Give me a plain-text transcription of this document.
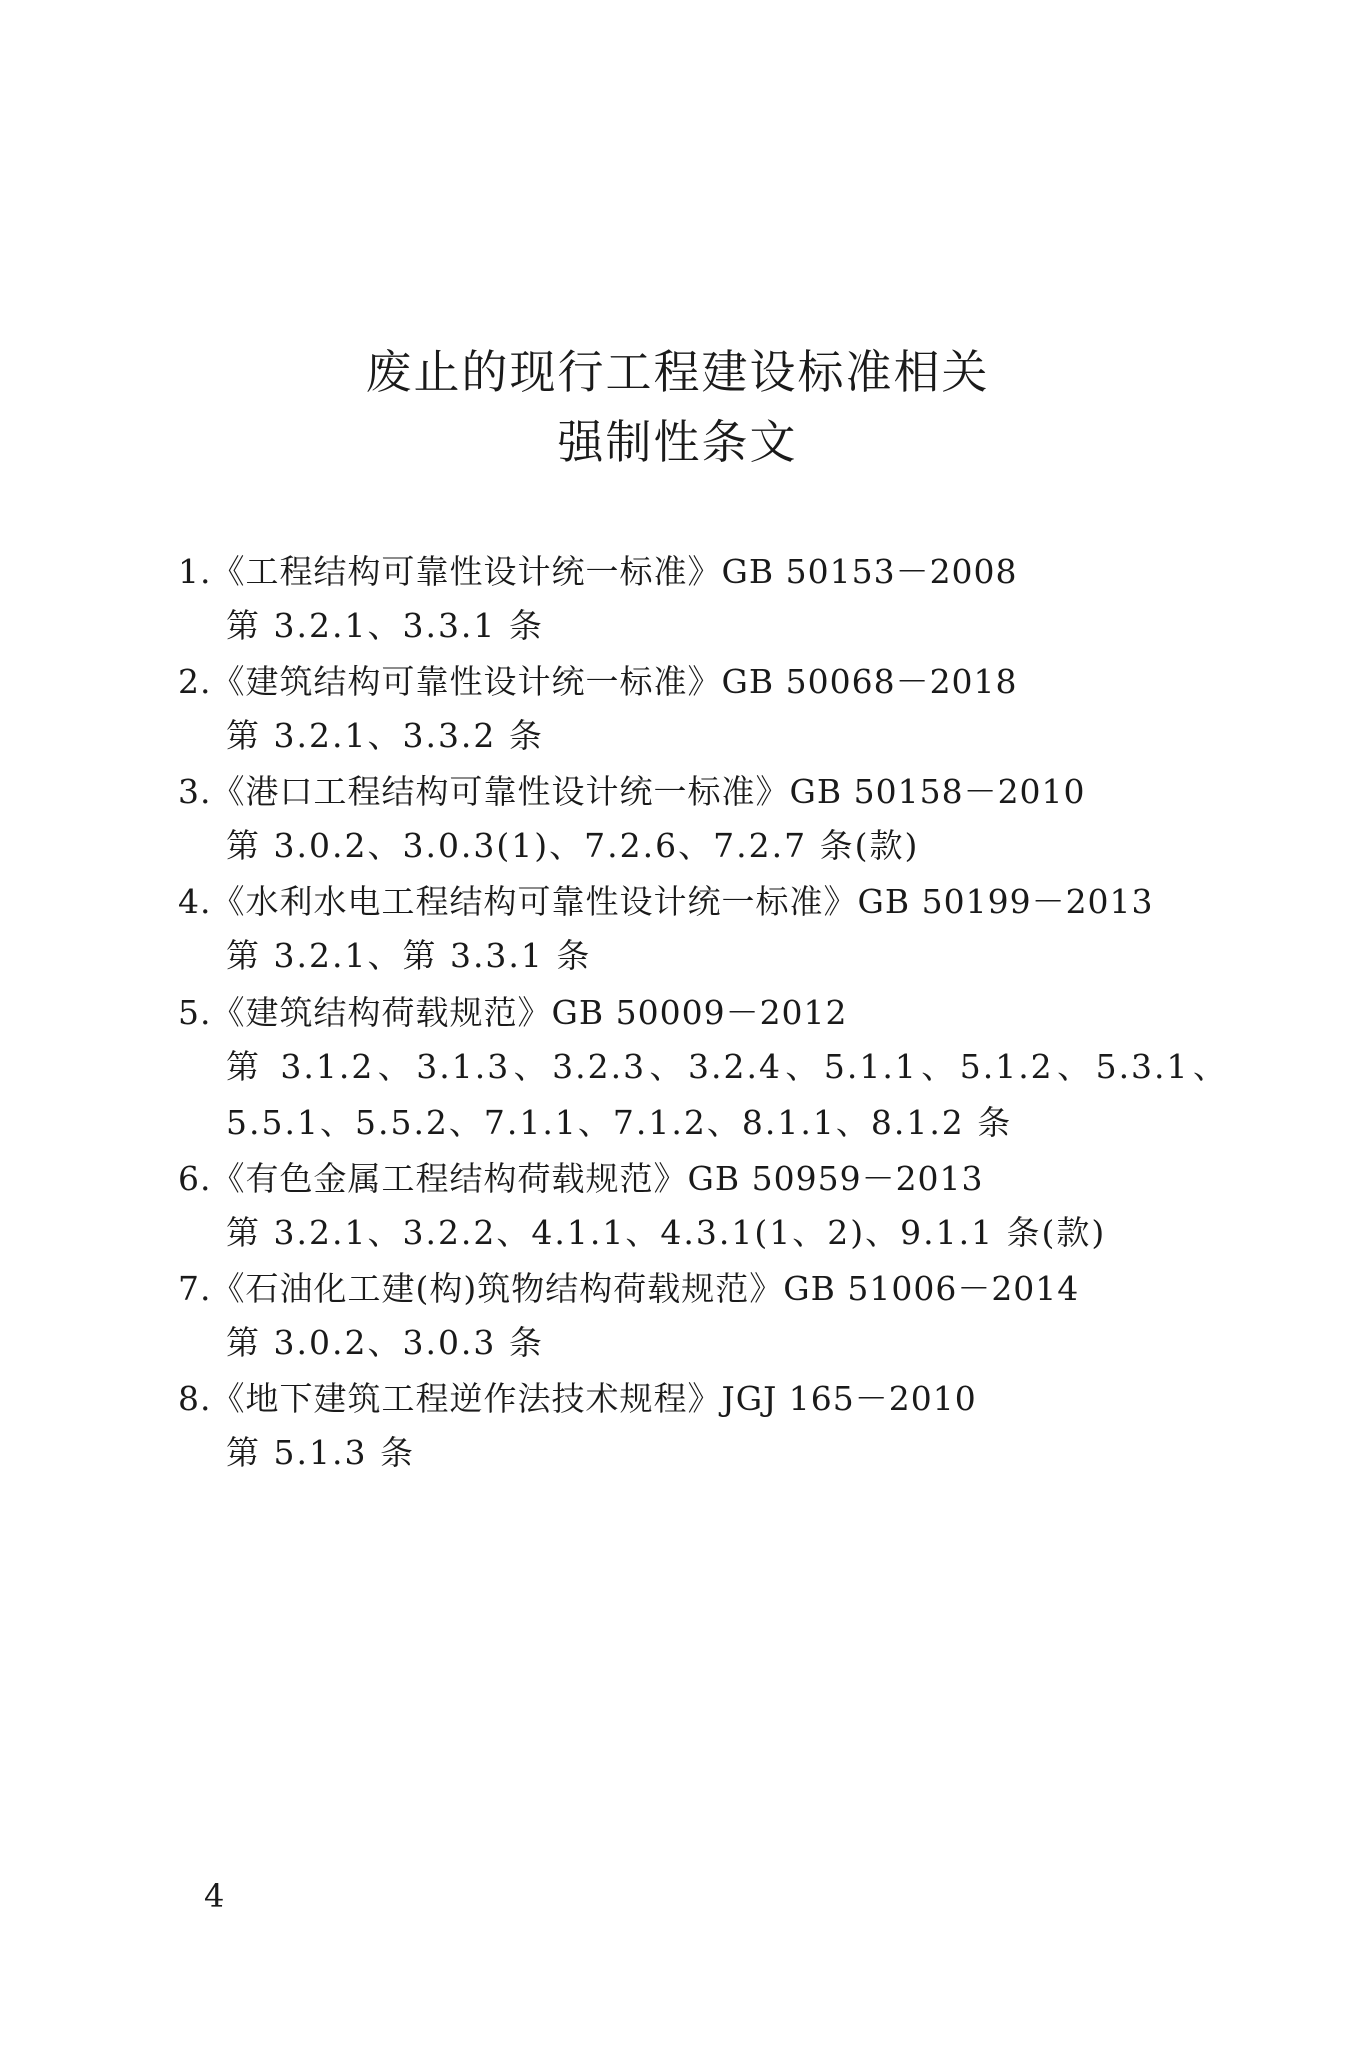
废止的现行工程建设标准相关
强制性条文
1.《工程结构可靠性设计统一标准》GB 50153－2008
第 3.2.1、3.3.1 条
2.《建筑结构可靠性设计统一标准》GB 50068－2018
第 3.2.1、3.3.2 条
3.《港口工程结构可靠性设计统一标准》GB 50158－2010
第 3.0.2、3.0.3(1)、7.2.6、7.2.7 条(款)
4.《水利水电工程结构可靠性设计统一标准》GB 50199－2013
第 3.2.1、第 3.3.1 条
5.《建筑结构荷载规范》GB 50009－2012
第 3.1.2、3.1.3、3.2.3、3.2.4、5.1.1、5.1.2、5.3.1、
5.5.1、5.5.2、7.1.1、7.1.2、8.1.1、8.1.2 条
6.《有色金属工程结构荷载规范》GB 50959－2013
第 3.2.1、3.2.2、4.1.1、4.3.1(1、2)、9.1.1 条(款)
7.《石油化工建(构)筑物结构荷载规范》GB 51006－2014
第 3.0.2、3.0.3 条
8.《地下建筑工程逆作法技术规程》JGJ 165－2010
第 5.1.3 条
4
